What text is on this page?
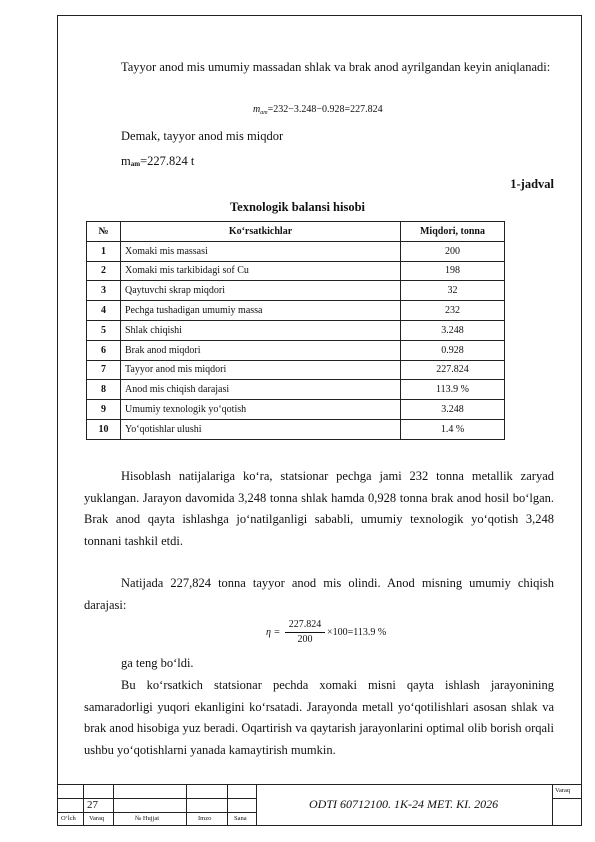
Tayyor anod mis umumiy massadan shlak va brak anod ayrilgandan keyin aniqlanadi:

$m_{am}=232-3.248-0.928=227.824$
Demak, tayyor anod mis miqdor
mam=227.824 t
1-jadval
Texnologik balansi hisobi
№	Ko‘rsatkichlar	Miqdori, tonna
1	Xomaki mis massasi	200
2	Xomaki mis tarkibidagi sof Cu	198
3	Qaytuvchi skrap miqdori	32
4	Pechga tushadigan umumiy massa	232
5	Shlak chiqishi	3.248
6	Brak anod miqdori	0.928
7	Tayyor anod mis miqdori	227.824
8	Anod mis chiqish darajasi	113.9 %
9	Umumiy texnologik yo‘qotish	3.248
10	Yo‘qotishlar ulushi	1.4 %

Hisoblash natijalariga ko‘ra, statsionar pechga jami 232 tonna metallik zaryad yuklangan. Jarayon davomida 3,248 tonna shlak hamda 0,928 tonna brak anod hosil bo‘lgan. Brak anod qayta ishlashga jo‘natilganligi sababli, umumiy texnologik yo‘qotish 3,248 tonnani tashkil etdi.

Natijada 227,824 tonna tayyor anod mis olindi. Anod misning umumiy chiqish darajasi:

η =
227.824
200
×100=113.9 %
ga teng bo‘ldi.

Bu ko‘rsatkich statsionar pechda xomaki misni qayta ishlash jarayonining samaradorligi yuqori ekanligini ko‘rsatadi. Jarayonda metall yo‘qotilishlari asosan shlak va brak anod hisobiga yuz beradi. Oqartirish va qaytarish jarayonlarini optimal olib borish orqali ushbu yo‘qotishlarni yanada kamaytirish mumkin.

27	ODTI 60712100. 1K-24 MET. KI. 2026
Varaq
O‘lch Varaq	№ Hujjat	Imzo	Sana
